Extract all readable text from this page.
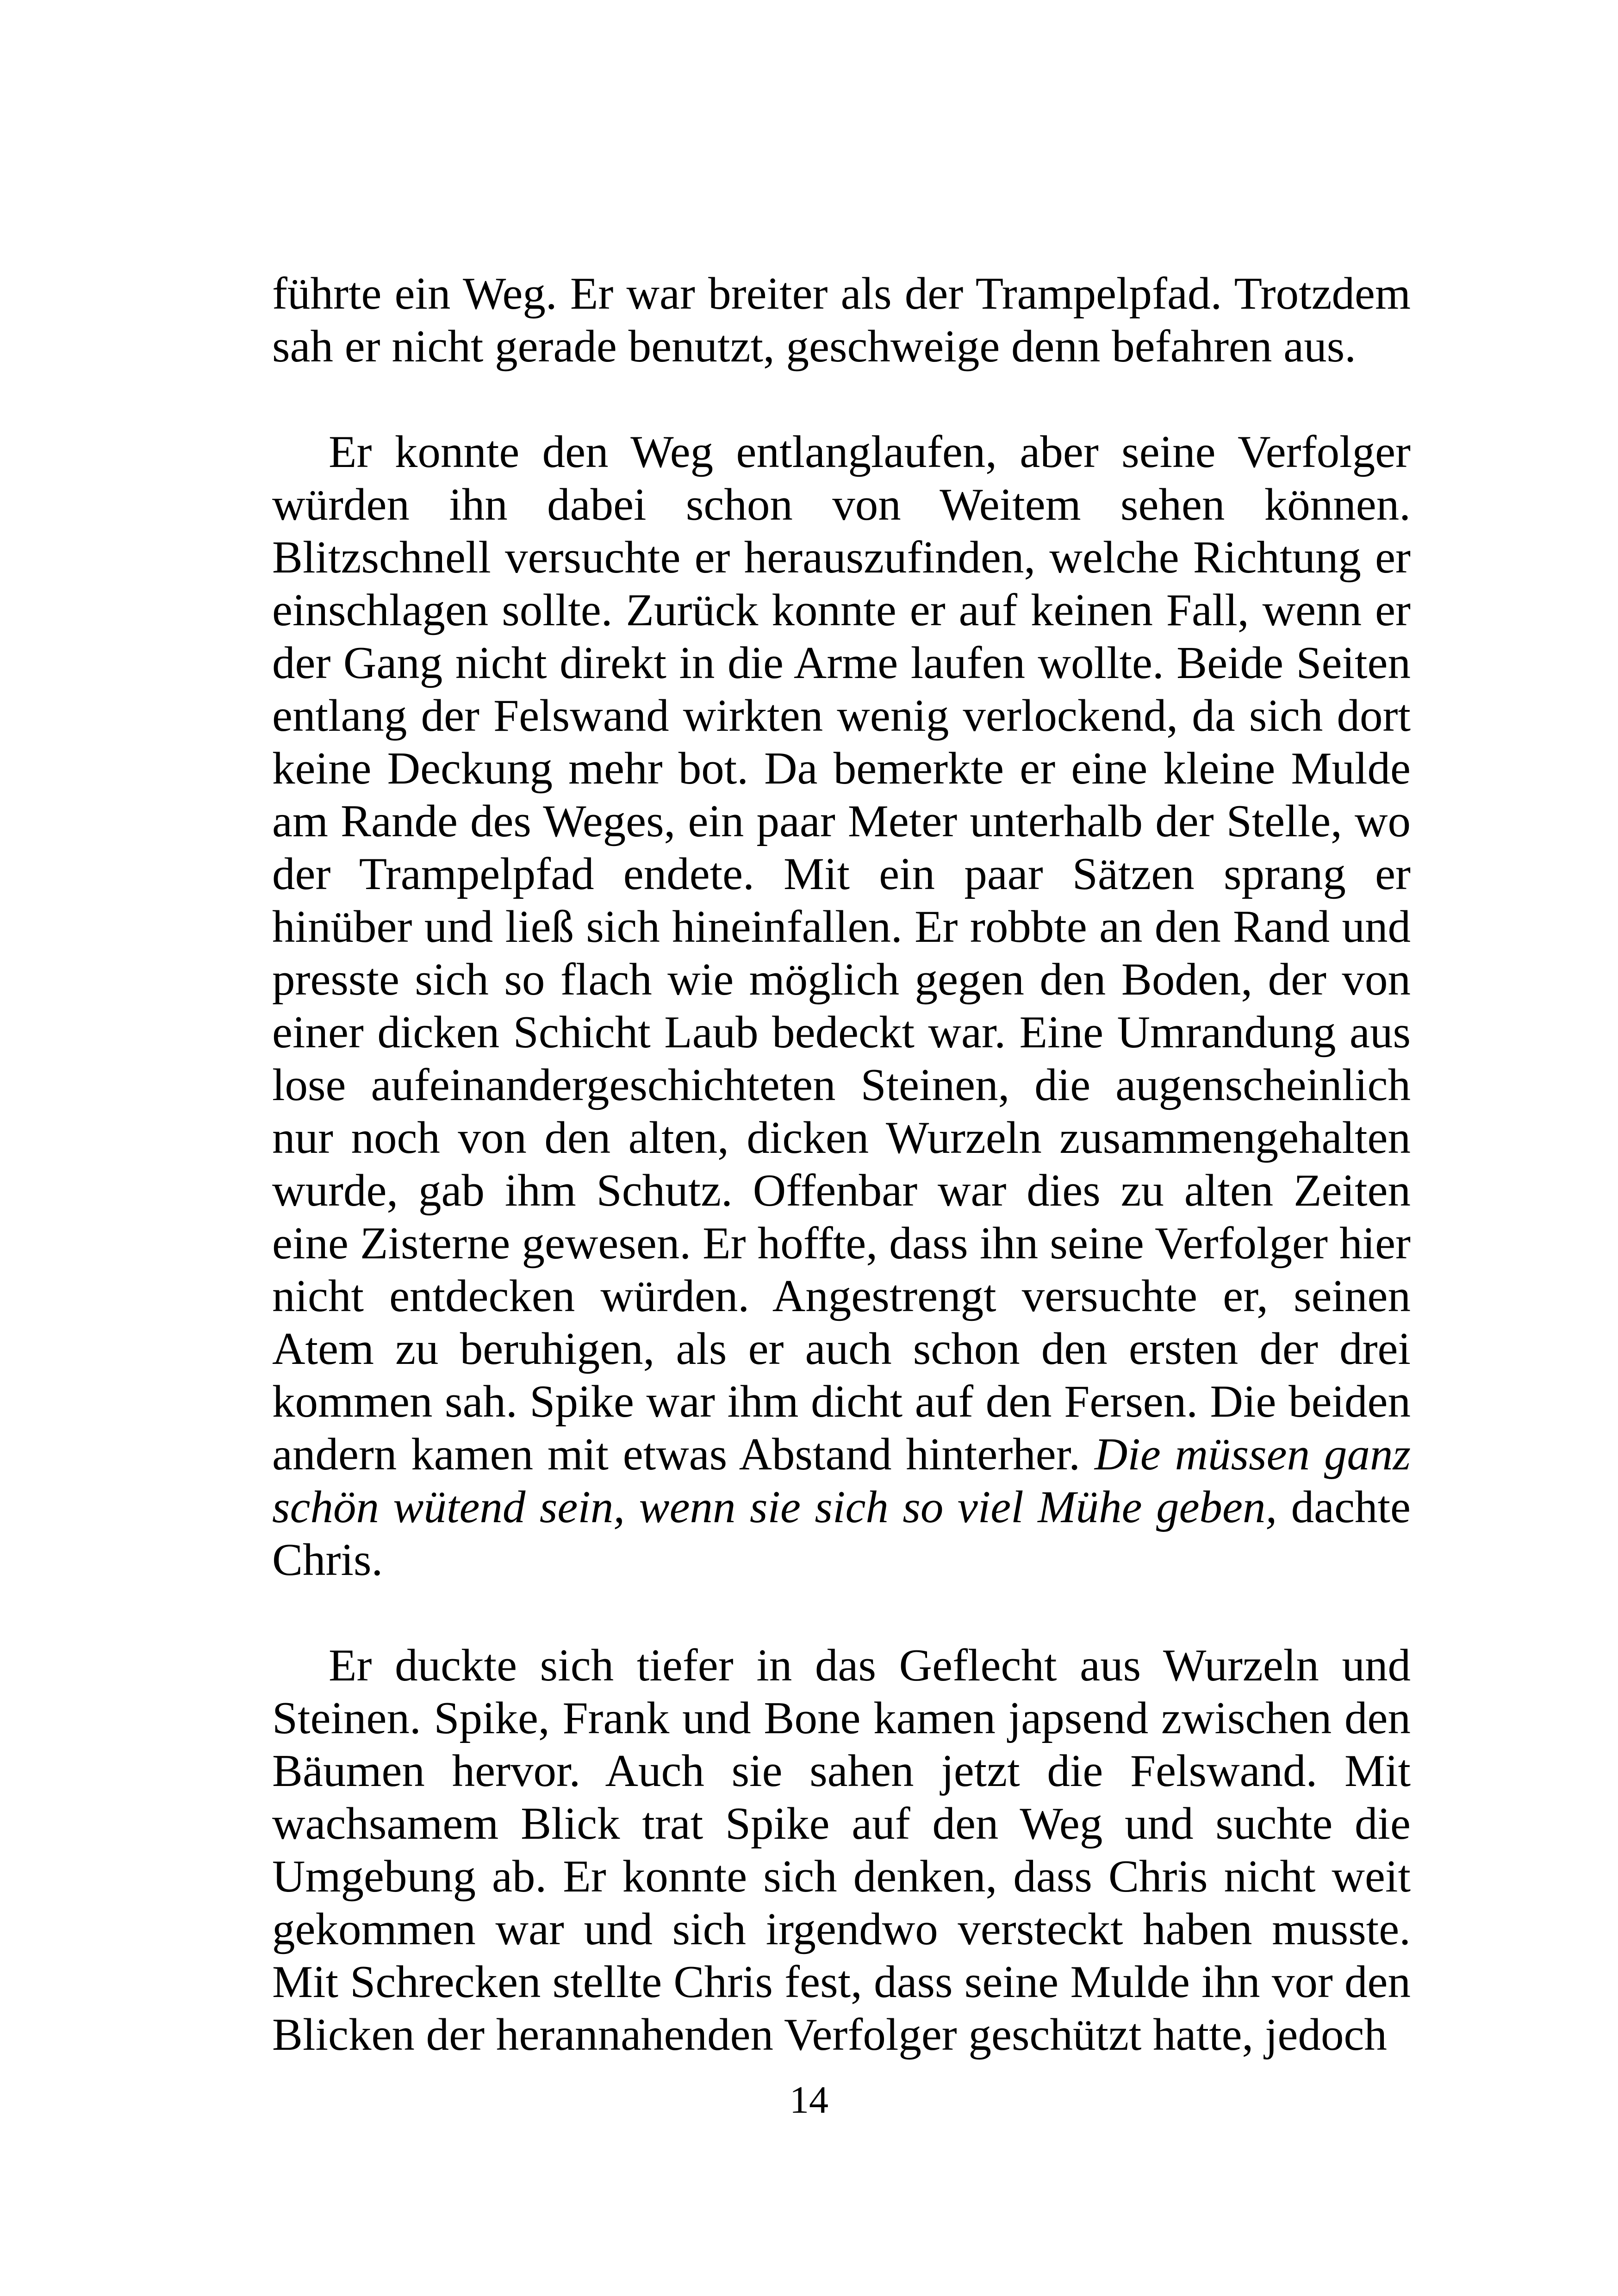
führte ein Weg. Er war breiter als der Trampelpfad. Trotzdem sah er nicht gerade benutzt, geschweige denn befahren aus.

Er konnte den Weg entlanglaufen, aber seine Verfolger würden ihn dabei schon von Weitem sehen können. Blitzschnell versuchte er herauszufinden, welche Richtung er einschlagen sollte. Zurück konnte er auf keinen Fall, wenn er der Gang nicht direkt in die Arme laufen wollte. Beide Seiten entlang der Felswand wirkten wenig verlockend, da sich dort keine Deckung mehr bot. Da bemerkte er eine kleine Mulde am Rande des Weges, ein paar Meter unterhalb der Stelle, wo der Trampelpfad endete. Mit ein paar Sätzen sprang er hinüber und ließ sich hineinfallen. Er robbte an den Rand und presste sich so flach wie möglich gegen den Boden, der von einer dicken Schicht Laub bedeckt war. Eine Umrandung aus lose aufeinandergeschichteten Steinen, die augenscheinlich nur noch von den alten, dicken Wurzeln zusammengehalten wurde, gab ihm Schutz. Offenbar war dies zu alten Zeiten eine Zisterne gewesen. Er hoffte, dass ihn seine Verfolger hier nicht entdecken würden. Angestrengt versuchte er, seinen Atem zu beruhigen, als er auch schon den ersten der drei kommen sah. Spike war ihm dicht auf den Fersen. Die beiden andern kamen mit etwas Abstand hinterher. Die müssen ganz schön wütend sein, wenn sie sich so viel Mühe geben, dachte Chris.

Er duckte sich tiefer in das Geflecht aus Wurzeln und Steinen. Spike, Frank und Bone kamen japsend zwischen den Bäumen hervor. Auch sie sahen jetzt die Felswand. Mit wachsamem Blick trat Spike auf den Weg und suchte die Umgebung ab. Er konnte sich denken, dass Chris nicht weit gekommen war und sich irgendwo versteckt haben musste. Mit Schrecken stellte Chris fest, dass seine Mulde ihn vor den Blicken der herannahenden Verfolger geschützt hatte, jedoch

14
